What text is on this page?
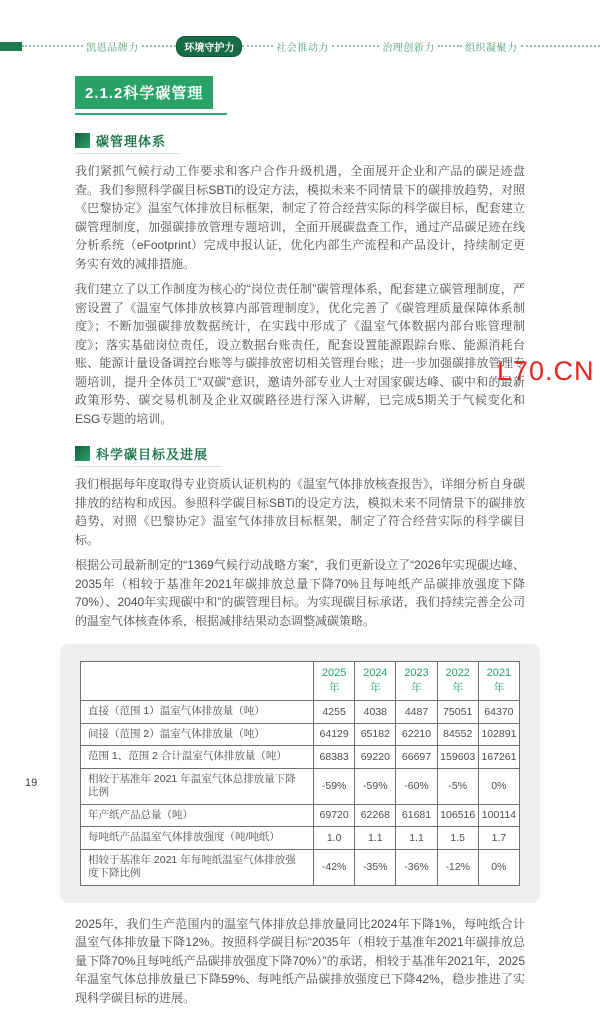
凯恩品牌力	环境守护力	社会推动力	治理创新力	组织凝聚力
2.1.2科学碳管理
碳管理体系

我们紧抓气候行动工作要求和客户合作升级机遇，全面展开企业和产品的碳足迹盘查。我们参照科学碳目标SBTi的设定方法，模拟未来不同情景下的碳排放趋势，对照《巴黎协定》温室气体排放目标框架，制定了符合经营实际的科学碳目标，配套建立碳管理制度，加强碳排放管理专题培训，全面开展碳盘查工作，通过产品碳足迹在线分析系统（eFootprint）完成申报认证，优化内部生产流程和产品设计，持续制定更务实有效的减排措施。

我们建立了以工作制度为核心的“岗位责任制”碳管理体系，配套建立碳管理制度，严密设置了《温室气体排放核算内部管理制度》，优化完善了《碳管理质量保障体系制度》；不断加强碳排放数据统计，在实践中形成了《温室气体数据内部台账管理制度》；落实基础岗位责任，设立数据台账责任，配套设置能源跟踪台账、能源消耗台账、能源计量设备调控台账等与碳排放密切相关管理台账；进一步加强碳排放管理专题培训，提升全体员工“双碳”意识，邀请外部专业人士对国家碳达峰、碳中和的最新政策形势、碳交易机制及企业双碳路径进行深入讲解，已完成5期关于气候变化和ESG专题的培训。

科学碳目标及进展

我们根据每年度取得专业资质认证机构的《温室气体排放核查报告》，详细分析自身碳排放的结构和成因。参照科学碳目标SBTi的设定方法，模拟未来不同情景下的碳排放趋势，对照《巴黎协定》温室气体排放目标框架，制定了符合经营实际的科学碳目标。

根据公司最新制定的“1369气候行动战略方案”，我们更新设立了“2026年实现碳达峰、2035年（相较于基准年2021年碳排放总量下降70%且每吨纸产品碳排放强度下降70%）、2040年实现碳中和”的碳管理目标。为实现碳目标承诺，我们持续完善全公司的温室气体核查体系，根据减排结果动态调整减碳策略。

	2025 年	2024 年	2023 年	2022 年	2021 年
直接（范围 1）温室气体排放量（吨）	4255	4038	4487	75051	64370
间接（范围 2）温室气体排放量（吨）	64129	65182	62210	84552	102891
范围 1、范围 2 合计温室气体排放量（吨）	68383	69220	66697	159603	167261
相较于基准年 2021 年温室气体总排放量下降比例	-59%	-59%	-60%	-5%	0%
年产纸产品总量（吨）	69720	62268	61681	106516	100114
每吨纸产品温室气体排放强度（吨/吨纸）	1.0	1.1	1.1	1.5	1.7
相较于基准年 2021 年每吨纸温室气体排放强度下降比例	-42%	-35%	-36%	-12%	0%

2025年，我们生产范围内的温室气体排放总排放量同比2024年下降1%，每吨纸合计温室气体排放量下降12%。按照科学碳目标“2035年（相较于基准年2021年碳排放总量下降70%且每吨纸产品碳排放强度下降70%）”的承诺，相较于基准年2021年，2025年温室气体总排放量已下降59%、每吨纸产品碳排放强度已下降42%，稳步推进了实现科学碳目标的进展。

L70.CN
19
